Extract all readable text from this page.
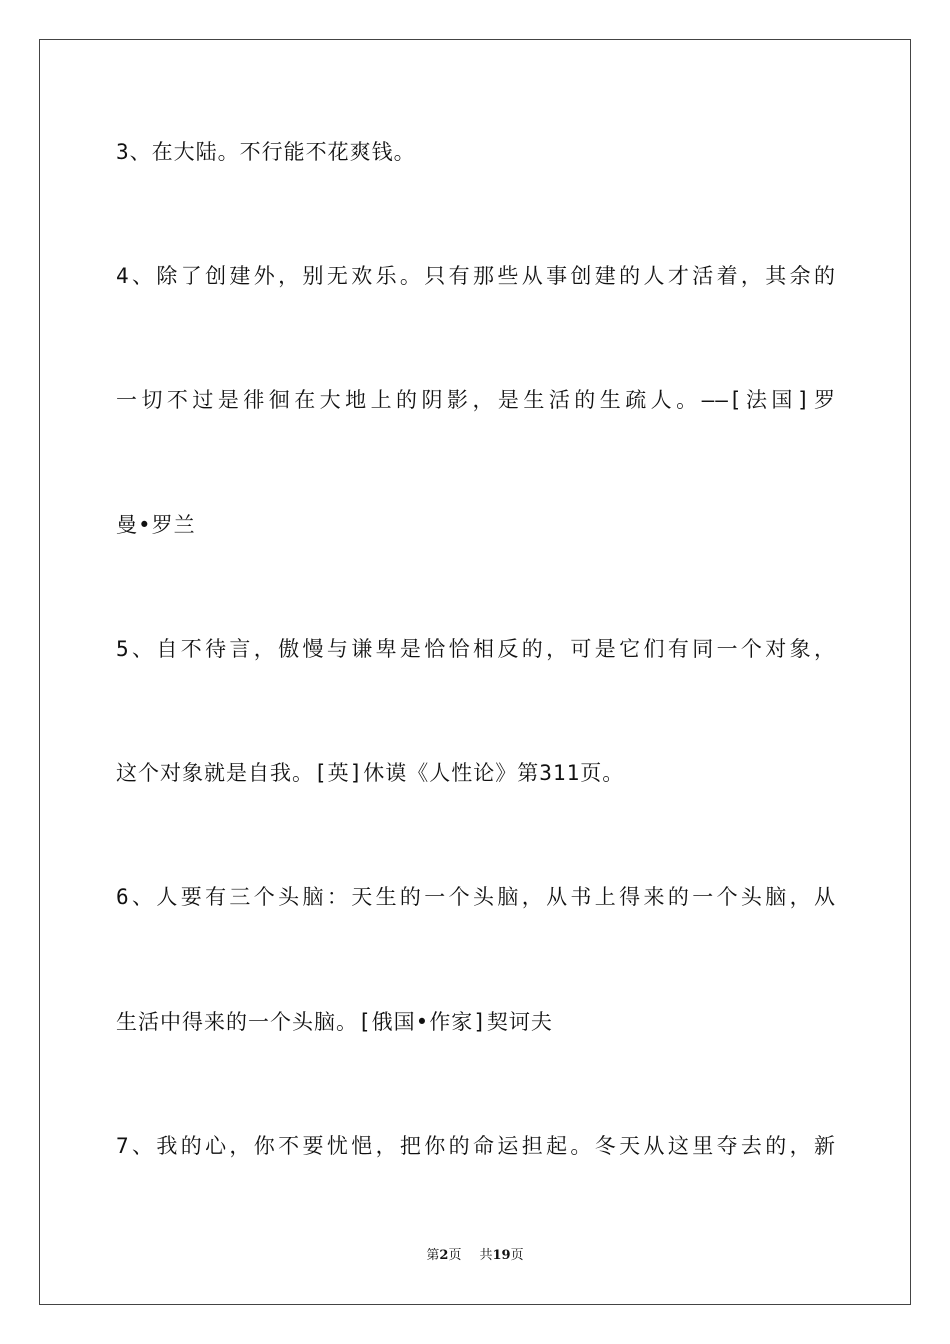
3、在大陆。不行能不花爽钱。
4、除了创建外，别无欢乐。只有那些从事创建的人才活着，其余的
一切不过是徘徊在大地上的阴影，是生活的生疏人。——[法国]罗
曼•罗兰
5、自不待言，傲慢与谦卑是恰恰相反的，可是它们有同一个对象，
这个对象就是自我。[英]休谟《人性论》第311页。
6、人要有三个头脑：天生的一个头脑，从书上得来的一个头脑，从
生活中得来的一个头脑。[俄国•作家]契诃夫
7、我的心，你不要忧悒，把你的命运担起。冬天从这里夺去的，新
第2页 共19页
